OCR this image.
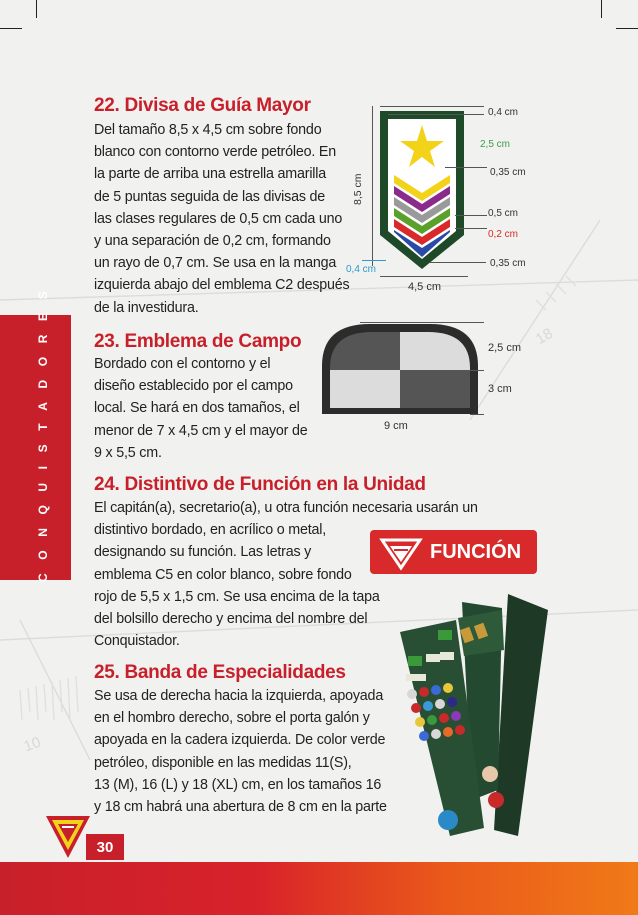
10
18
CONQUISTADORES
22. Divisa de Guía Mayor
Del tamaño 8,5 x 4,5 cm sobre fondo
blanco con contorno verde petróleo. En
la parte de arriba una estrella amarilla
de 5 puntas seguida de las divisas de
las clases regulares de 0,5 cm cada uno
y una separación de 0,2 cm, formando
un rayo de 0,7 cm. Se usa en la manga
izquierda abajo del emblema C2 después
de la investidura.
0,4 cm
2,5 cm
0,35 cm
0,5 cm
0,2 cm
0,35 cm
0,4 cm
8,5 cm
4,5 cm
23. Emblema de Campo
Bordado con el contorno y el
diseño establecido por el campo
local. Se hará en dos tamaños, el
menor de 7 x 4,5 cm y el mayor de
9 x 5,5 cm.
2,5 cm
3 cm
9 cm
24. Distintivo de Función en la Unidad
El capitán(a), secretario(a), u otra función necesaria usarán un
distintivo bordado, en acrílico o metal,
designando su función. Las letras y
emblema C5 en color blanco, sobre fondo
rojo de 5,5 x 1,5 cm. Se usa encima de la tapa
del bolsillo derecho y encima del nombre del
Conquistador.
FUNCIÓN
25. Banda de Especialidades
Se usa de derecha hacia la izquierda, apoyada
en el hombro derecho, sobre el porta galón y
apoyada en la cadera izquierda. De color verde
petróleo, disponible en las medidas 11(S),
13 (M), 16 (L) y 18 (XL) cm, en los tamaños 16
y 18 cm habrá una abertura de 8 cm en la parte
30
